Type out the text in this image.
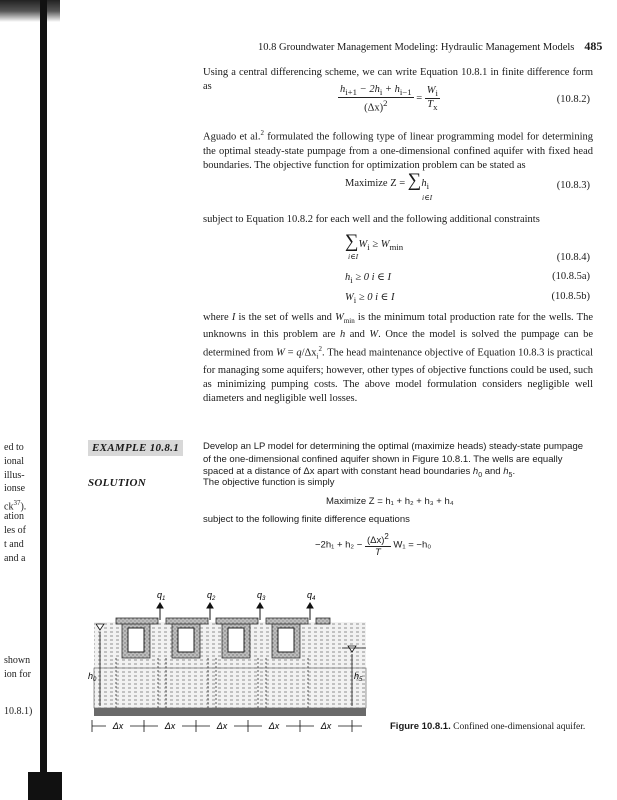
ed to
ional
illus-
ionse
$ck^{37}$).
ation
les of
t and
and a
shown
ion for
10.8.1)
10.8 Groundwater Management Modeling: Hydraulic Management Models 485
Using a central differencing scheme, we can write Equation 10.8.1 in finite difference form as	$\frac{h_{i+1} - 2h_i + h_{i-1}}{(\Delta x)^2} = \frac{W_i}{T_x}$	(10.8.2)
Aguado et al.$^2$ formulated the following type of linear programming model for determining the optimal steady-state pumpage from a one-dimensional confined aquifer with fixed head boundaries. The objective function for optimization problem can be stated as
Maximize $Z = \sum h_i$
i∈I
(10.8.3)
subject to Equation 10.8.2 for each well and the following additional constraints
$\sum W_i \ge W_{min}$
i∈I	(10.8.4)
$h_i \ge 0$ i ∈ I	(10.8.5a)
$W_i \ge 0$ i ∈ I	(10.8.5b)
where I is the set of wells and $W_{min}$ is the minimum total production rate for the wells. The unknowns in this problem are h and W. Once the model is solved the pumpage can be determined from $W = q/\Delta x_i^2$. The head maintenance objective of Equation 10.8.3 is practical for managing some aquifers; however, other types of objective functions could be used, such as minimizing pumping costs. The above model formulation considers negligible well diameters and negligible well losses.
EXAMPLE 10.8.1	Develop an LP model for determining the optimal (maximize heads) steady-state pumpage of the one-dimensional confined aquifer shown in Figure 10.8.1. The wells are equally spaced at a distance of Δx apart with constant head boundaries $h_0$ and $h_5$.
SOLUTION	The objective function is simply
Maximize Z = h₁ + h₂ + h₃ + h₄
subject to the following finite difference equations
$-2h_1 + h_2 - \frac{(\Delta x)^2}{T} W_1 = -h_0$
$q_1$	$q_2$	$q_3$	$q_4$
$h_0$	$h_5$
Δx	Δx	Δx	Δx	Δx	Figure 10.8.1. Confined one-dimensional aquifer.
